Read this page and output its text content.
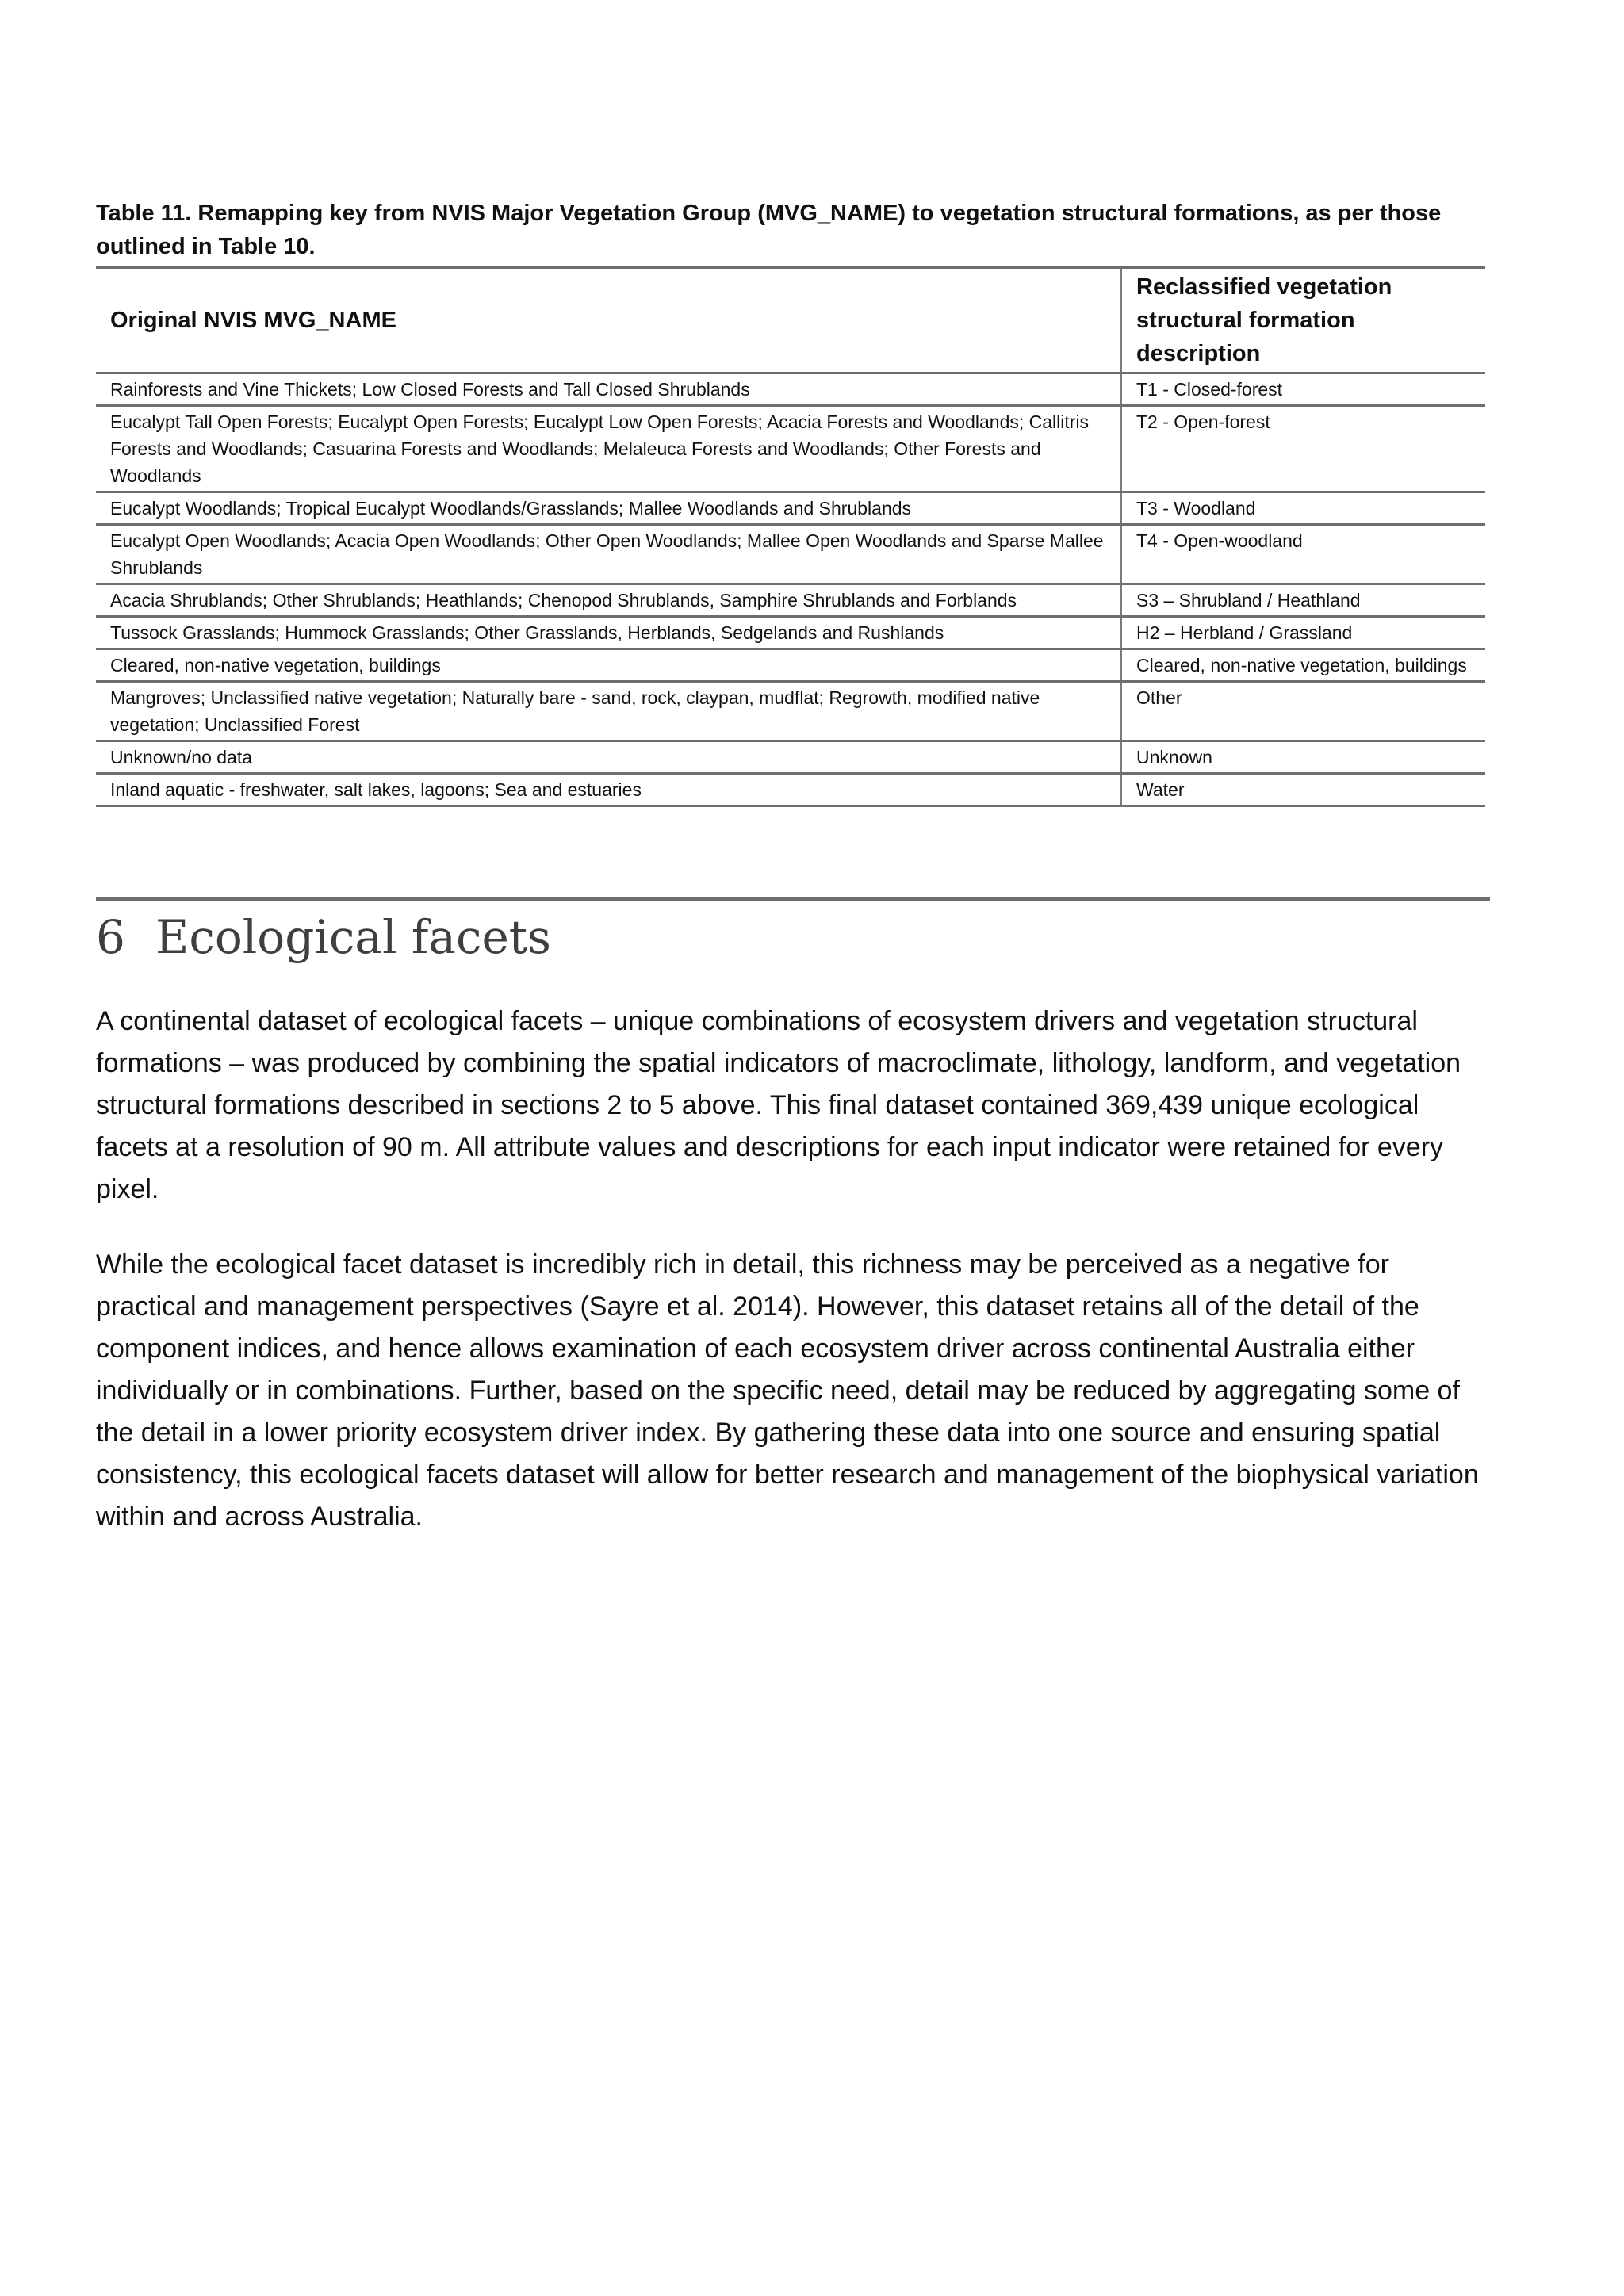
Table 11. Remapping key from NVIS Major Vegetation Group (MVG_NAME) to vegetation structural formations, as per those outlined in Table 10.
Original NVIS MVG_NAME	Reclassified vegetation structural formation description
Rainforests and Vine Thickets; Low Closed Forests and Tall Closed Shrublands	T1 - Closed-forest
Eucalypt Tall Open Forests; Eucalypt Open Forests; Eucalypt Low Open Forests; Acacia Forests and Woodlands; Callitris Forests and Woodlands; Casuarina Forests and Woodlands; Melaleuca Forests and Woodlands; Other Forests and Woodlands	T2 - Open-forest
Eucalypt Woodlands; Tropical Eucalypt Woodlands/Grasslands; Mallee Woodlands and Shrublands	T3 - Woodland
Eucalypt Open Woodlands; Acacia Open Woodlands; Other Open Woodlands; Mallee Open Woodlands and Sparse Mallee Shrublands	T4 - Open-woodland
Acacia Shrublands; Other Shrublands; Heathlands; Chenopod Shrublands, Samphire Shrublands and Forblands	S3 – Shrubland / Heathland
Tussock Grasslands; Hummock Grasslands; Other Grasslands, Herblands, Sedgelands and Rushlands	H2 – Herbland / Grassland
Cleared, non-native vegetation, buildings	Cleared, non-native vegetation, buildings
Mangroves; Unclassified native vegetation; Naturally bare - sand, rock, claypan, mudflat; Regrowth, modified native vegetation; Unclassified Forest	Other
Unknown/no data	Unknown
Inland aquatic - freshwater, salt lakes, lagoons; Sea and estuaries	Water
6 Ecological facets

A continental dataset of ecological facets – unique combinations of ecosystem drivers and vegetation structural formations – was produced by combining the spatial indicators of macroclimate, lithology, landform, and vegetation structural formations described in sections 2 to 5 above. This final dataset contained 369,439 unique ecological facets at a resolution of 90 m. All attribute values and descriptions for each input indicator were retained for every pixel.

While the ecological facet dataset is incredibly rich in detail, this richness may be perceived as a negative for practical and management perspectives (Sayre et al. 2014). However, this dataset retains all of the detail of the component indices, and hence allows examination of each ecosystem driver across continental Australia either individually or in combinations. Further, based on the specific need, detail may be reduced by aggregating some of the detail in a lower priority ecosystem driver index. By gathering these data into one source and ensuring spatial consistency, this ecological facets dataset will allow for better research and management of the biophysical variation within and across Australia.
